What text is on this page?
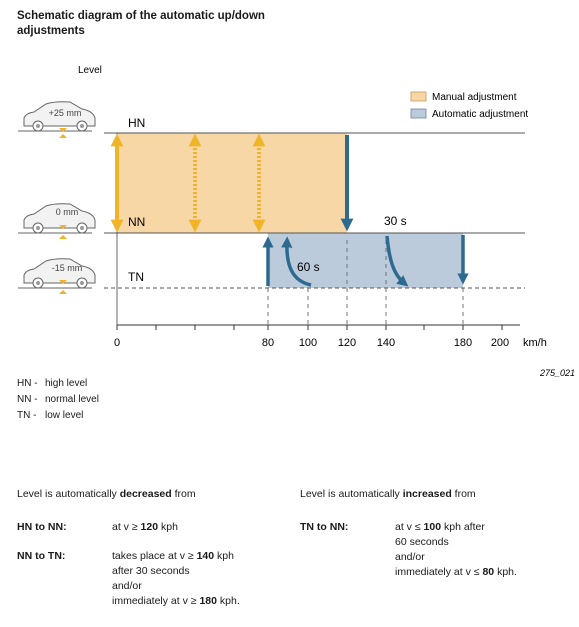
Schematic diagram of the automatic up/down adjustments
Level
Manual adjustment
Automatic adjustment
HN
NN
TN
0	80 100 120 140	180 200 km/h
30 s
60 s
+25 mm
0 mm
-15 mm
275_021
HN - high level
NN - normal level
TN - low level
Level is automatically decreased from
HN to NN:	at v ≥ 120 kph
NN to TN:	takes place at v ≥ 140 kph
after 30 seconds
and/or
immediately at v ≥ 180 kph.
Level is automatically increased from
TN to NN:	at v ≤ 100 kph after
60 seconds
and/or
immediately at v ≤ 80 kph.
